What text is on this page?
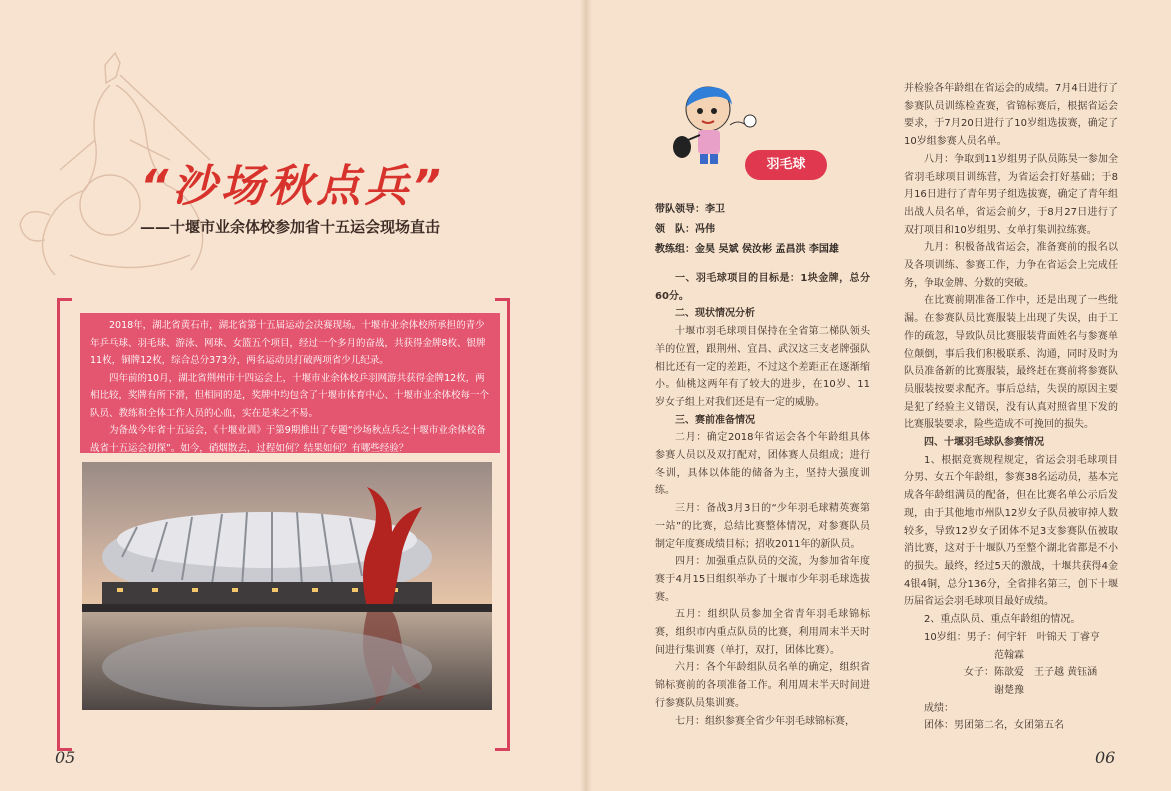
“沙场秋点兵”
——十堰市业余体校参加省十五运会现场直击

2018年，湖北省黄石市，湖北省第十五届运动会决赛现场。十堰市业余体校所承担的青少年乒乓球、羽毛球、游泳、网球、女篮五个项目，经过一个多月的奋战，共获得金牌8枚、银牌11枚，铜牌12枚，综合总分373分，两名运动员打破两项省少儿纪录。

四年前的10月，湖北省荆州市十四运会上，十堰市业余体校乒羽网游共获得金牌12枚，两相比较，奖牌有所下滑，但相同的是，奖牌中均包含了十堰市体育中心、十堰市业余体校每一个队员、教练和全体工作人员的心血，实在是来之不易。

为备战今年省十五运会，《十堰业训》于第9期推出了专题“沙场秋点兵之十堰市业余体校备战省十五运会初探”。如今，硝烟散去，过程如何？结果如何？有哪些经验？

05
羽毛球
带队领导：李卫
领　队：冯伟
教练组：金昊 吴斌 侯汝彬 孟昌洪 李国雄

一、羽毛球项目的目标是：1块金牌，总分60分。

二、现状情况分析

十堰市羽毛球项目保持在全省第二梯队领头羊的位置，跟荆州、宜昌、武汉这三支老牌强队相比还有一定的差距，不过这个差距正在逐渐缩小。仙桃这两年有了较大的进步，在10岁、11岁女子组上对我们还是有一定的威胁。

三、赛前准备情况

二月：确定2018年省运会各个年龄组具体参赛人员以及双打配对，团体赛人员组成；进行冬训，具体以体能的储备为主，坚持大强度训练。

三月：备战3月3日的“少年羽毛球精英赛第一站”的比赛，总结比赛整体情况，对参赛队员制定年度赛成绩目标；招收2011年的新队员。

四月：加强重点队员的交流，为参加省年度赛于4月15日组织举办了十堰市少年羽毛球选拔赛。

五月：组织队员参加全省青年羽毛球锦标赛，组织市内重点队员的比赛，利用周末半天时间进行集训赛（单打，双打，团体比赛）。

六月：各个年龄组队员名单的确定，组织省锦标赛前的各项准备工作。利用周末半天时间进行参赛队员集训赛。

七月：组织参赛全省少年羽毛球锦标赛，

并检验各年龄组在省运会的成绩。7月4日进行了参赛队员训练检查赛，省锦标赛后，根据省运会要求，于7月20日进行了10岁组选拔赛，确定了10岁组参赛人员名单。

八月：争取到11岁组男子队员陈昊一参加全省羽毛球项目训练营，为省运会打好基础；于8月16日进行了青年男子组选拔赛，确定了青年组出战人员名单，省运会前夕，于8月27日进行了双打项目和10岁组男、女单打集训拉练赛。

九月：积极备战省运会，准备赛前的报名以及各项训练、参赛工作，力争在省运会上完成任务，争取金牌、分数的突破。

在比赛前期准备工作中，还是出现了一些纰漏。在参赛队员比赛服装上出现了失误，由于工作的疏忽，导致队员比赛服装背面姓名与参赛单位颠倒，事后我们积极联系、沟通，同时及时为队员准备新的比赛服装，最终赶在赛前将参赛队员服装按要求配齐。事后总结，失误的原因主要是犯了经验主义错误，没有认真对照省里下发的比赛服装要求，险些造成不可挽回的损失。

四、十堰羽毛球队参赛情况

1、根据竞赛规程规定，省运会羽毛球项目分男、女五个年龄组，参赛38名运动员，基本完成各年龄组满员的配备，但在比赛名单公示后发现，由于其他地市州队12岁女子队员被审掉人数较多，导致12岁女子团体不足3支参赛队伍被取消比赛，这对于十堰队乃至整个湖北省都是不小的损失。最终，经过5天的激战，十堰共获得4金4银4铜，总分136分，全省排名第三，创下十堰历届省运会羽毛球项目最好成绩。

2、重点队员、重点年龄组的情况。

10岁组：男子：何宇轩　叶锦天 丁睿亨

　　　　　　　范翰霖

　　　　女子：陈歆爱　王子越 黄钰涵

　　　　　　　谢楚豫

成绩：

团体：男团第二名，女团第五名

06
